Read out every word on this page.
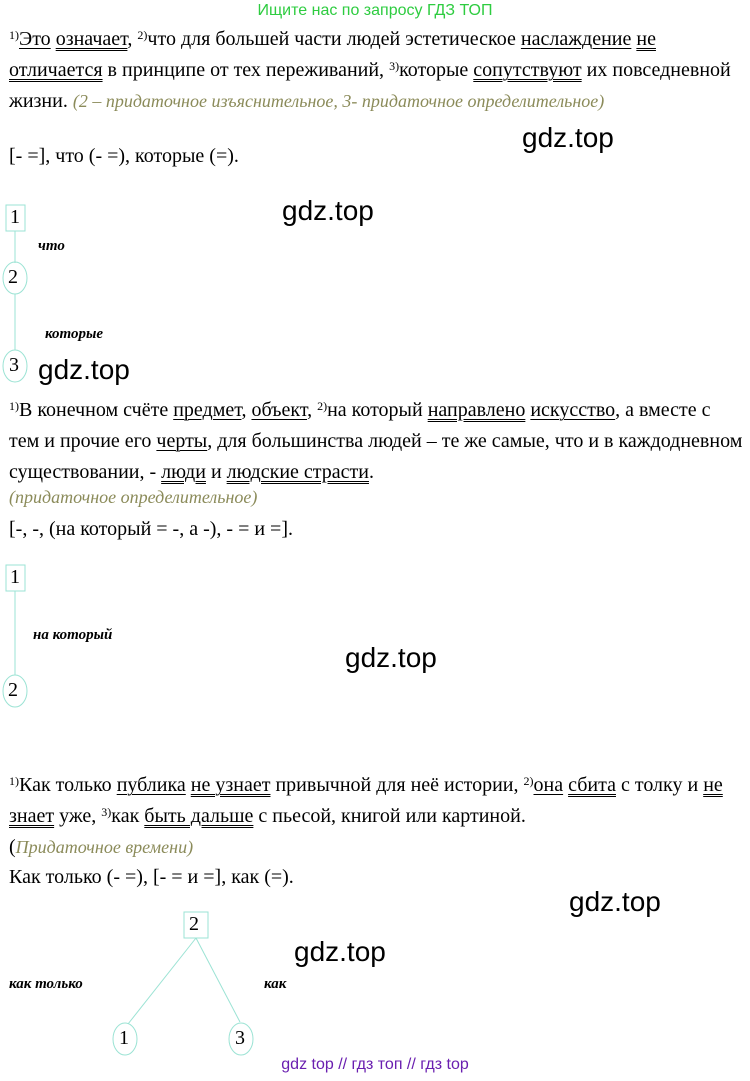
Ищите нас по запросу ГДЗ ТОП
$^{1)}$Это означает, $^{2)}$что для большей части людей эстетическое наслаждение не отличается в принципе от тех переживаний, $^{3)}$которые сопутствуют их повседневной жизни. (2 – придаточное изъяснительное, 3- придаточное определительное)
[- =], что (- =), которые (=).
gdz.top
gdz.top
1
что
2
которые
3 gdz.top
$^{1)}$В конечном счёте предмет, объект, $^{2)}$на который направлено искусство, а вместе с тем и прочие его черты, для большинства людей – те же самые, что и в каждодневном существовании, - люди и людские страсти.
(придаточное определительное)
[-, -, (на который = -, а -), - = и =].
1
на который
gdz.top
2
$^{1)}$Как только публика не узнает привычной для неё истории, $^{2)}$она сбита с толку и не знает уже, $^{3)}$как быть дальше с пьесой, книгой или картиной.
(Придаточное времени)
Как только (- =), [- = и =], как (=).
gdz.top
2
gdz.top
как только	как
1	3
gdz top // гдз топ // гдз top
